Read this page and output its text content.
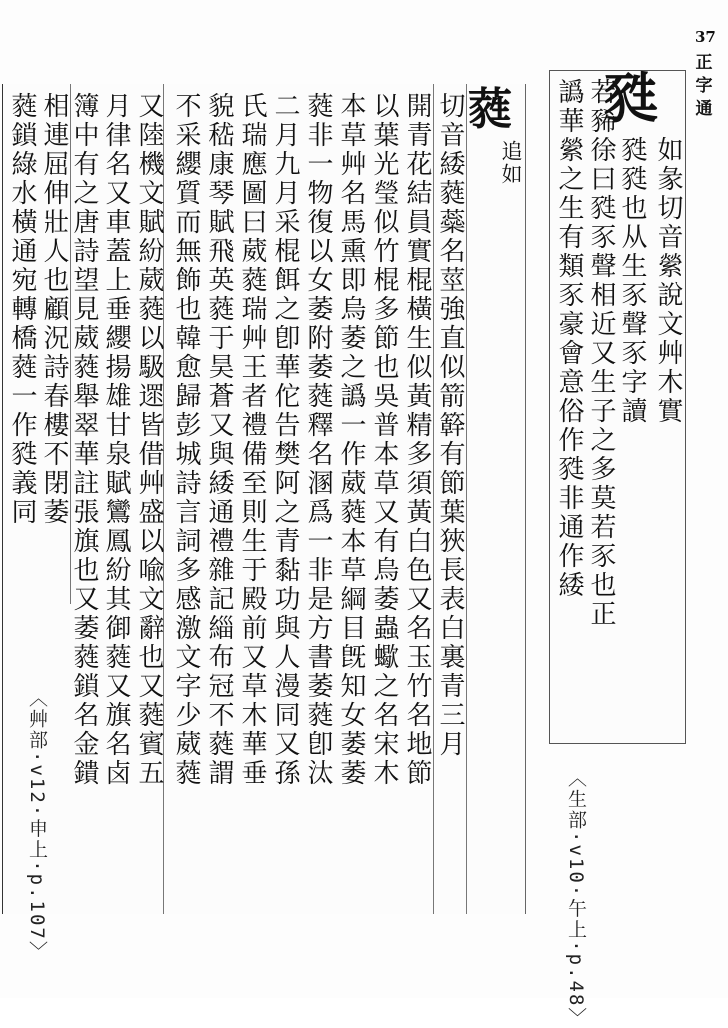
37
正字通
甤
如彖切音縈說文艸木實
甤甤也从生豕聲豕字讀
若豨徐曰甤豕聲相近又生子之多莫若豕也正
譌華縈之生有類豕豪會意俗作甤非通作緌
〈生部·v10·午上·p.48〉
蕤
追如
切音緌蕤蘂名莖強直似箭簳有節葉狹長表白裏青三月
開青花結員實棍橫生似黃精多須黃白色又名玉竹名地節
以葉光瑩似竹棍多節也吳普本草又有烏萎蟲蠍之名宋木
本草艸名馬熏即烏萎之譌一作葳蕤本草綱目旣知女萎萎
蕤非一物復以女萎附萎蕤釋名溷爲一非是方書萎蕤卽汰
二月九月采棍餌之卽華佗告樊阿之青黏功與人漫同又孫
氏瑞應圖曰葳蕤瑞艸王者禮備至則生于殿前又草木華垂
貌嵇康琴賦飛英蕤于昊蒼又與緌通禮雜記緇布冠不蕤謂
不采纓質而無飾也韓愈歸彭城詩言詞多感激文字少葳蕤
又陸機文賦紛葳蕤以馺遝皆借艸盛以喩文辭也又蕤賓五
月律名又車蓋上垂纓揚雄甘泉賦鸞鳳紛其御蕤又旗名卤
簿中有之唐詩望見葳蕤舉翠華註張旗也又萎蕤鎖名金鐀
相連屈伸壯人也顧況詩春樓不閉萎
蕤鎖綠水橫通宛轉橋蕤一作甤義同
〈艸部·v12·申上·p.107〉
